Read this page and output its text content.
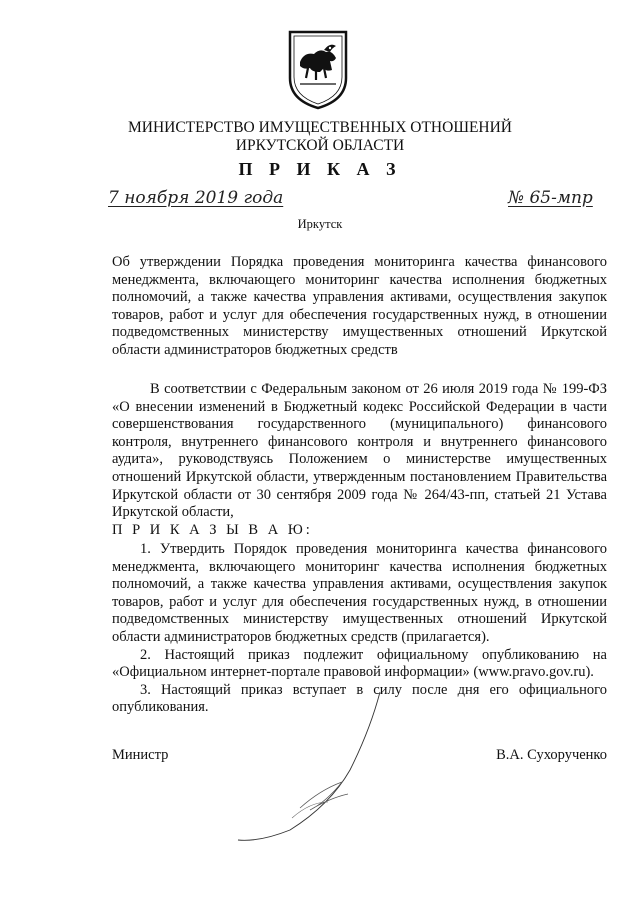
МИНИСТЕРСТВО ИМУЩЕСТВЕННЫХ ОТНОШЕНИЙ
ИРКУТСКОЙ ОБЛАСТИ
П Р И К А З
7 ноября 2019 года	№ 65-мпр
Иркутск
Об утверждении Порядка проведения мониторинга качества финансового менеджмента, включающего мониторинг качества исполнения бюджетных полномочий, а также качества управления активами, осуществления закупок товаров, работ и услуг для обеспечения государственных нужд, в отношении подведомственных министерству имущественных отношений Иркутской области администраторов бюджетных средств
В соответствии с Федеральным законом от 26 июля 2019 года № 199-ФЗ «О внесении изменений в Бюджетный кодекс Российской Федерации в части совершенствования государственного (муниципального) финансового контроля, внутреннего финансового контроля и внутреннего финансового аудита», руководствуясь Положением о министерстве имущественных отношений Иркутской области, утвержденным постановлением Правительства Иркутской области от 30 сентября 2009 года № 264/43-пп, статьей 21 Устава Иркутской области,
П Р И К А З Ы В А Ю:

1. Утвердить Порядок проведения мониторинга качества финансового менеджмента, включающего мониторинг качества исполнения бюджетных полномочий, а также качества управления активами, осуществления закупок товаров, работ и услуг для обеспечения государственных нужд, в отношении подведомственных министерству имущественных отношений Иркутской области администраторов бюджетных средств (прилагается).

2. Настоящий приказ подлежит официальному опубликованию на «Официальном интернет-портале правовой информации» (www.pravo.gov.ru).

3. Настоящий приказ вступает в силу после дня его официального опубликования.

Министр	В.А. Сухорученко
